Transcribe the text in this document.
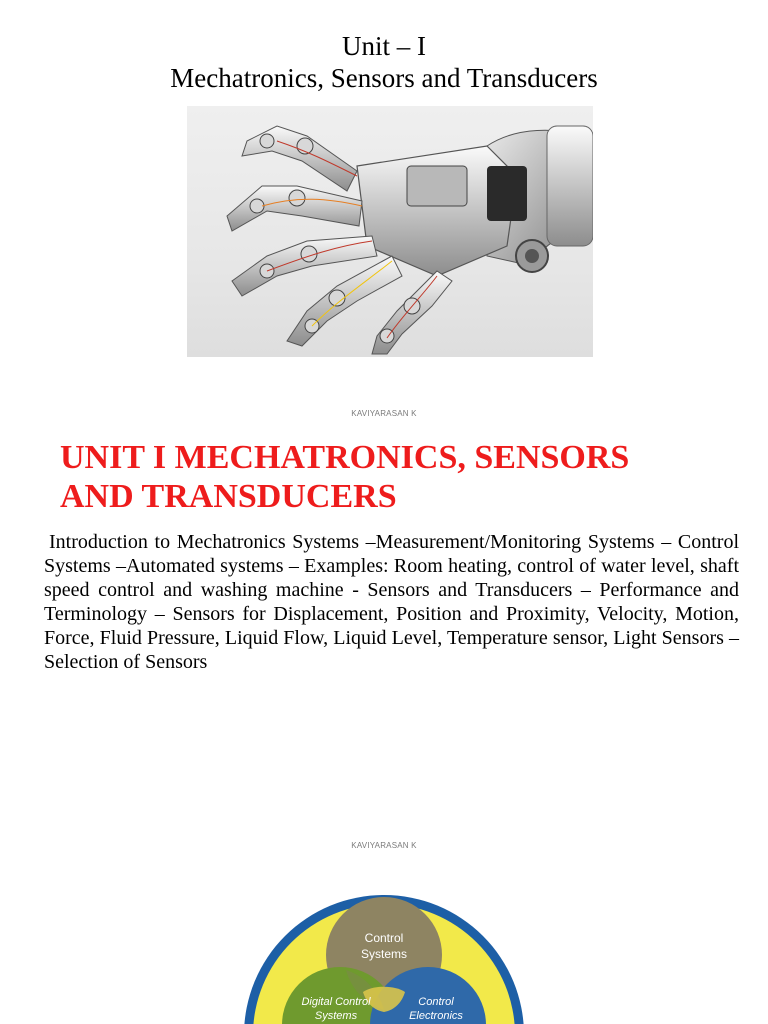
Unit – I
Mechatronics, Sensors and Transducers
KAVIYARASAN K
UNIT I MECHATRONICS, SENSORS
AND TRANSDUCERS
Introduction to Mechatronics Systems –Measurement/Monitoring Systems – Control Systems –Automated systems – Examples: Room heating, control of water level, shaft speed control and washing machine - Sensors and Transducers – Performance and Terminology – Sensors for Displacement, Position and Proximity, Velocity, Motion, Force, Fluid Pressure, Liquid Flow, Liquid Level, Temperature sensor, Light Sensors – Selection of Sensors
KAVIYARASAN K
Control
Systems
Digital Control
Systems
Control
Electronics
